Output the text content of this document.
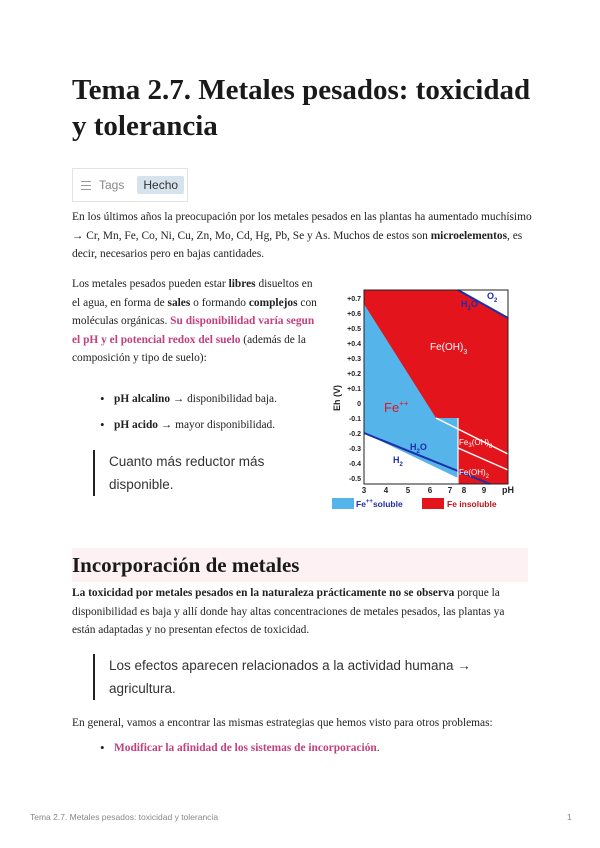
Tema 2.7. Metales pesados: toxicidad y tolerancia
Tags	Hecho

En los últimos años la preocupación por los metales pesados en las plantas ha aumentado muchísimo → Cr, Mn, Fe, Co, Ni, Cu, Zn, Mo, Cd, Hg, Pb, Se y As. Muchos de estos son microelementos, es decir, necesarios pero en bajas cantidades.

Los metales pesados pueden estar libres disueltos en el agua, en forma de sales o formando complejos con moléculas orgánicas. Su disponibilidad varía segun el pH y el potencial redox del suelo (además de la composición y tipo de suelo):

• pH alcalino → disponibilidad baja.
• pH acido → mayor disponibilidad.
Cuanto más reductor más disponible.
+0.7
+0.6
+0.5
+0.4
+0.3
+0.2
+0.1
0
-0.1
-0.2
-0.3
-0.4
-0.5
Eh (V)
3 4 5 6 7 8 9 pH
$Fe(OH)_3$
Fe++
$Fe_3(OH)_8$
$Fe(OH)_2$
$H_2O$
$O_2$
$H_2O$
$H_2$
Fe++soluble	Fe insoluble
Incorporación de metales

La toxicidad por metales pesados en la naturaleza prácticamente no se observa porque la disponibilidad es baja y allí donde hay altas concentraciones de metales pesados, las plantas ya están adaptadas y no presentan efectos de toxicidad.

Los efectos aparecen relacionados a la actividad humana → agricultura.

En general, vamos a encontrar las mismas estrategias que hemos visto para otros problemas:

• Modificar la afinidad de los sistemas de incorporación.
Tema 2.7. Metales pesados: toxicidad y tolerancia	1
